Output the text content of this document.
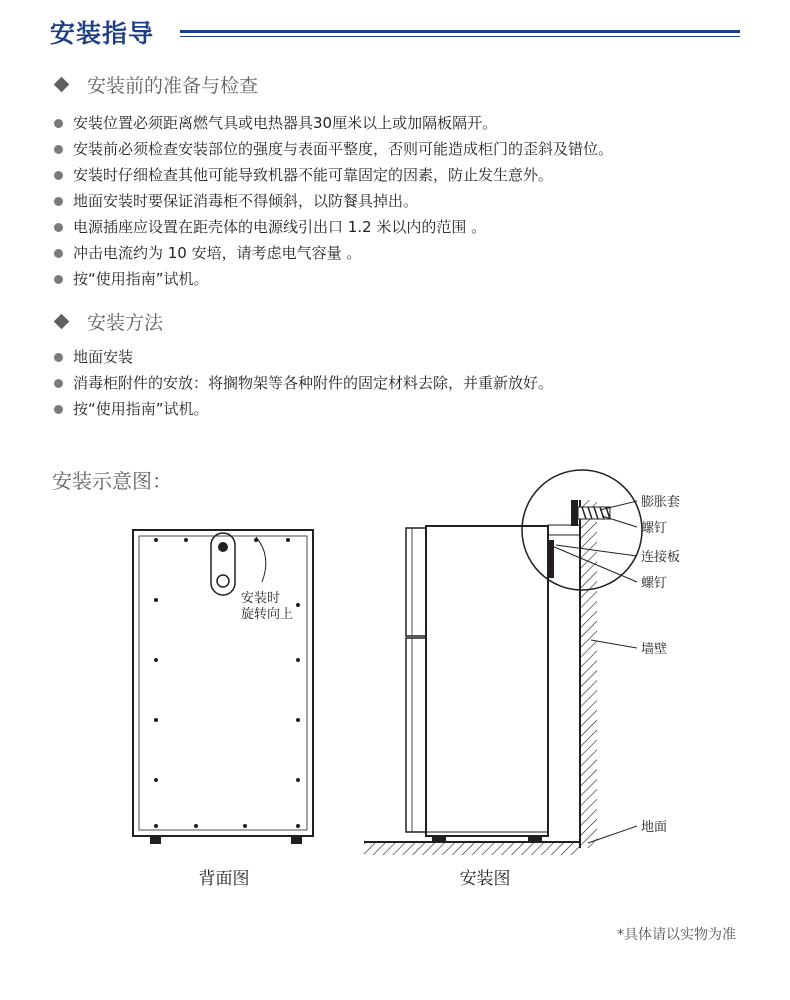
安装指导
安装前的准备与检查
安装位置必须距离燃气具或电热器具30厘米以上或加隔板隔开。
安装前必须检查安装部位的强度与表面平整度，否则可能造成柜门的歪斜及错位。
安装时仔细检查其他可能导致机器不能可靠固定的因素，防止发生意外。
地面安装时要保证消毒柜不得倾斜，以防餐具掉出。
电源插座应设置在距壳体的电源线引出口 1.2 米以内的范围 。
冲击电流约为 10 安培，请考虑电气容量 。
按“使用指南”试机。
安装方法
地面安装
消毒柜附件的安放：将搁物架等各种附件的固定材料去除，并重新放好。
按“使用指南”试机。
安装示意图：
安装时
旋转向上
背面图
膨胀套
螺钉
连接板
螺钉
墙壁
地面
安装图
*具体请以实物为准
